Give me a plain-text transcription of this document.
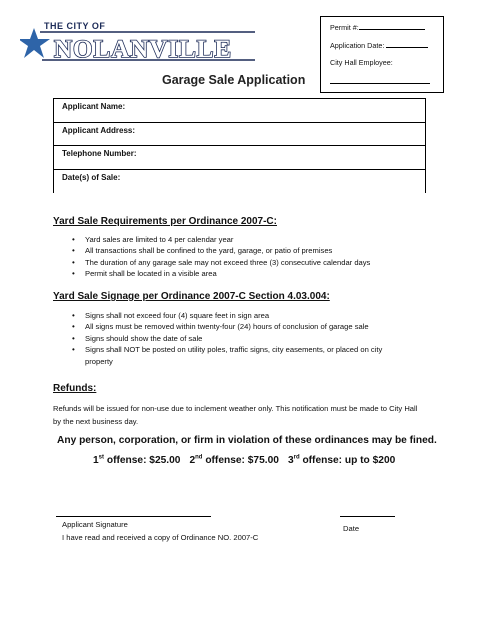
THE CITY OF
NOLANVILLE
Permit #:
Application Date:
City Hall Employee:
Garage Sale Application
Applicant Name:
Applicant Address:
Telephone Number:
Date(s) of Sale:
Yard Sale Requirements per Ordinance 2007-C:
• Yard sales are limited to 4 per calendar year
• All transactions shall be confined to the yard, garage, or patio of premises
• The duration of any garage sale may not exceed three (3) consecutive calendar days
• Permit shall be located in a visible area
Yard Sale Signage per Ordinance 2007-C Section 4.03.004:
• Signs shall not exceed four (4) square feet in sign area
• All signs must be removed within twenty-four (24) hours of conclusion of garage sale
• Signs should show the date of sale
• Signs shall NOT be posted on utility poles, traffic signs, city easements, or placed on city property
Refunds:
Refunds will be issued for non-use due to inclement weather only. This notification must be made to City Hall by the next business day.
Any person, corporation, or firm in violation of these ordinances may be fined.
1st offense: $25.00 2nd offense: $75.00 3rd offense: up to $200
Applicant Signature
I have read and received a copy of Ordinance NO. 2007-C
Date
